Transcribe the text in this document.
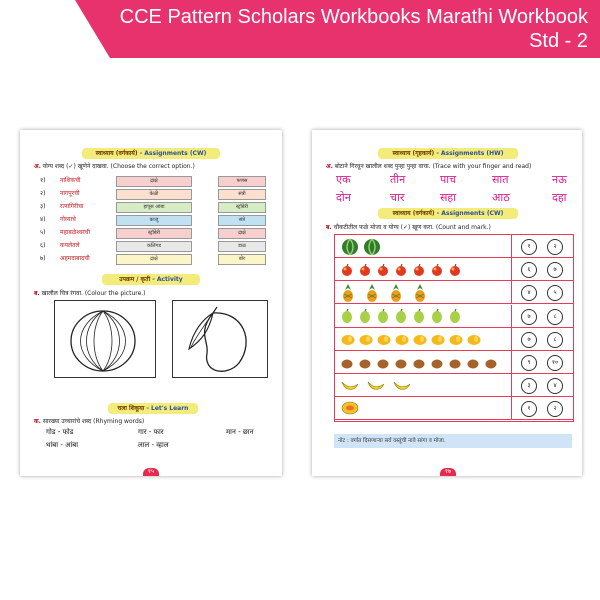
CCE Pattern Scholars Workbooks Marathi Workbook
Std - 2
स्वाध्याय (वर्गकार्य) - Assignments (CW)
अ. योग्य शब्द (✓) खूणेने दाखवा. (Choose the correct option.)
१) नाशिकची	द्राक्षे	फणस
२) नागपूरची	केळी	संत्री
३) रत्नागिरीचा	हापूस आंबा	स्ट्रॉबेरी
४) गोव्याचे	काजू	संत्रे
५) महाबळेश्वरची	स्ट्रॉबेरी	द्राक्षे
६) कपलेतले	कलिंगड	डाळ
७) अहमदाबादची	द्राक्षे	बोर
उपक्रम / कृती - Activity
ब. खालील चित्र रंगवा. (Colour the picture.)
चला शिकूया - Let's Learn
क. सारख्या उच्चारांचे शब्द (Rhyming words)
गोड - फोड	गार - फार	मान - छान
थांबा - आंबा	लाल - व्हाल
१५
स्वाध्याय (गृहकार्य) - Assignments (HW)
अ. बोटाने गिरवून खालील शब्द पुन्हा पुन्हा वाचा. (Trace with your finger and read)
एक	तीन	पाच	सात	नऊ
दोन	चार	सहा	आठ	दहा
स्वाध्याय (वर्गकार्य) - Assignments (CW)
ब. चौकटीतील फळे मोजा व योग्य (✓) खूण करा. (Count and mark.)
१	२
६	७
४	५
७	८
७	८
९	१०
३	४
१	२
नोट : वर्गात दिसणाऱ्या सर्व वस्तूंची नावे सांगा व मोजा.
१७
